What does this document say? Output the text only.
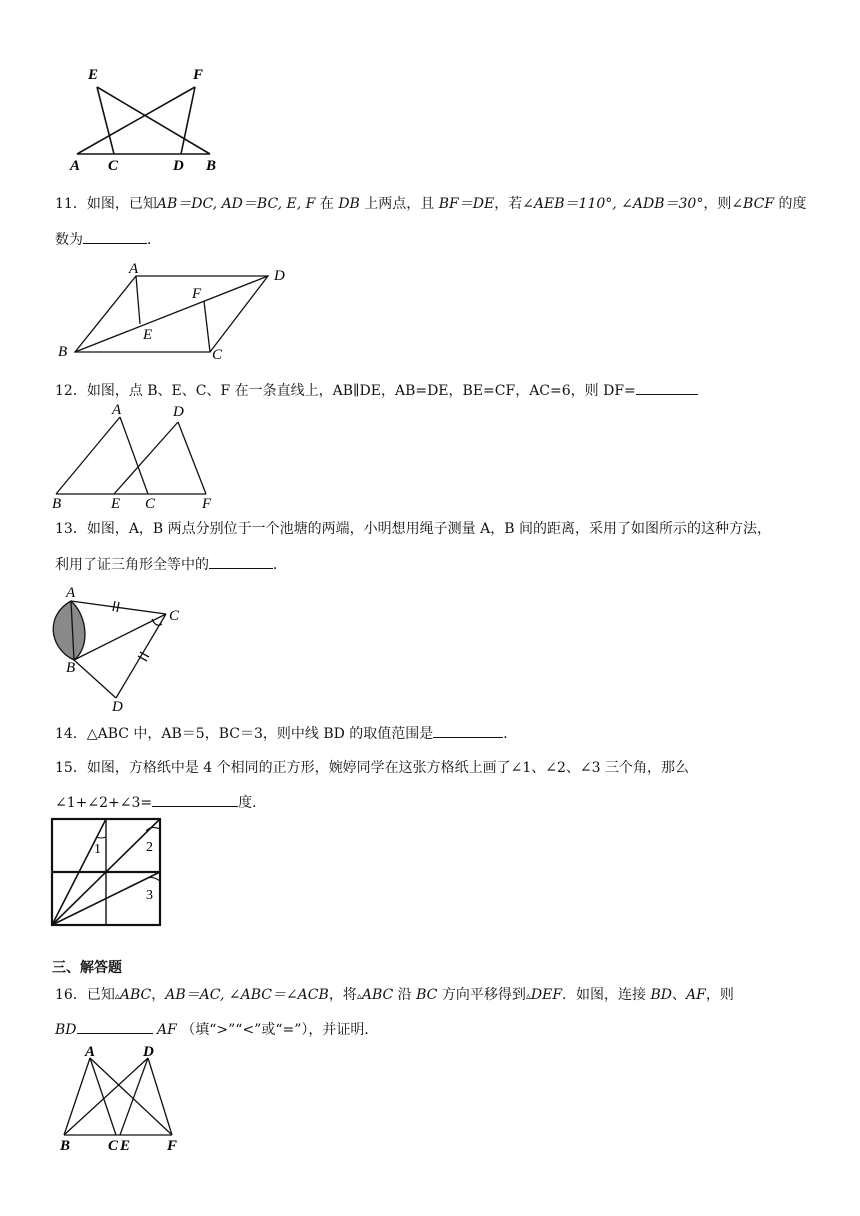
E	F
A C	D B
11．如图，已知AB＝DC, AD＝BC, E, F 在 DB 上两点，且 BF＝DE，若∠AEB＝110°, ∠ADB＝30°，则∠BCF 的度
数为	．
A	D
F
E
B	C
12．如图，点 B、E、C、F 在一条直线上，AB∥DE，AB=DE，BE=CF，AC=6，则 DF=
A	D
B	E C	F
13．如图，A，B 两点分别位于一个池塘的两端，小明想用绳子测量 A，B 间的距离，采用了如图所示的这种方法，
利用了证三角形全等中的	．
A
C
B
D
14．△ABC 中，AB＝5，BC＝3，则中线 BD 的取值范围是	．
15．如图，方格纸中是 4 个相同的正方形，婉婷同学在这张方格纸上画了∠1、∠2、∠3 三个角，那么
∠1+∠2+∠3=	度．
1	2
3
三、解答题
16．已知▵ABC，AB＝AC, ∠ABC＝∠ACB，将▵ABC 沿 BC 方向平移得到▵DEF．如图，连接 BD、AF，则
BD	AF （填“>”“<”或“=”），并证明．
A	D
B	C E F
